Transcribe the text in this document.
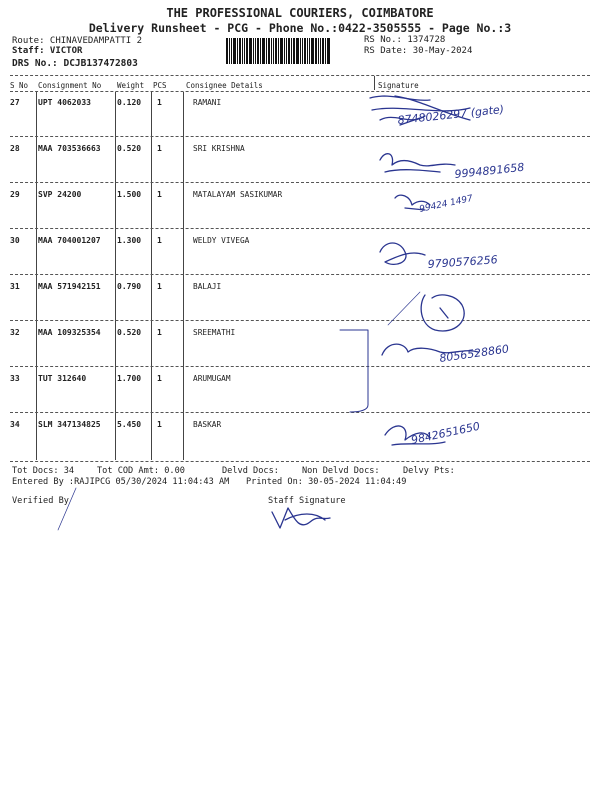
THE PROFESSIONAL COURIERS, COIMBATORE
Delivery Runsheet - PCG - Phone No.:0422-3505555 - Page No.:3
Route: CHINAVEDAMPATTI 2
Staff: VICTOR
DRS No.: DCJB137472803
RS No.: 1374728
RS Date: 30-May-2024
S No Consignment No Weight PCS	Consignee Details	Signature
27 UPT 4062033	0.120 1	RAMANI
28 MAA 703536663 0.520 1	SRI KRISHNA
29 SVP 24200	1.500 1	MATALAYAM SASIKUMAR
30 MAA 704001207 1.300 1	WELDY VIVEGA
31 MAA 571942151 0.790 1	BALAJI
32 MAA 109325354 0.520 1	SREEMATHI
33 TUT 312640	1.700 1	ARUMUGAM
34 SLM 347134825 5.450 1	BASKAR
Tot Docs: 34	Tot COD Amt: 0.00	Delvd Docs:	Non Delvd Docs:	Delvy Pts:
Entered By :RAJIPCG 05/30/2024 11:04:43 AM Printed On: 30-05-2024 11:04:49
Verified By	Staff Signature
8748026297 (gate)
9994891658
99424 1497
9790576256
8056528860
9842651650
